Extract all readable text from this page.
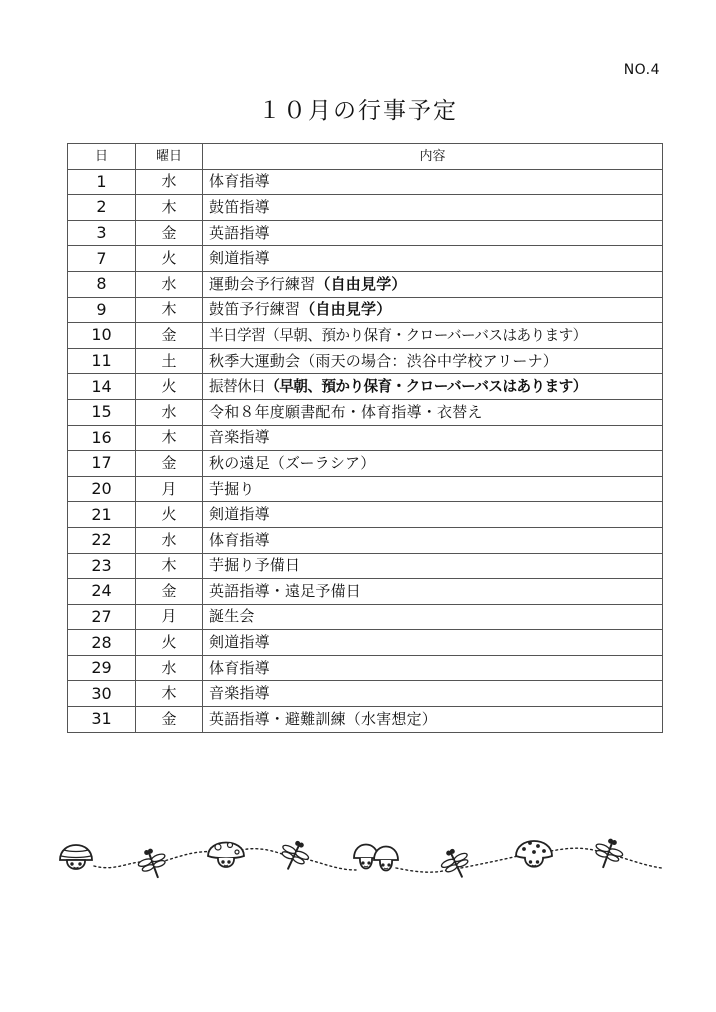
NO.4
１０月の行事予定
日	曜日	内容
1	水	体育指導
2	木	鼓笛指導
3	金	英語指導
7	火	剣道指導
8	水	運動会予行練習（自由見学）
9	木	鼓笛予行練習（自由見学）
10	金	半日学習（早朝、預かり保育・クローバーバスはあります）
11	土	秋季大運動会（雨天の場合：渋谷中学校アリーナ）
14	火	振替休日（早朝、預かり保育・クローバーバスはあります）
15	水	令和８年度願書配布・体育指導・衣替え
16	木	音楽指導
17	金	秋の遠足（ズーラシア）
20	月	芋掘り
21	火	剣道指導
22	水	体育指導
23	木	芋掘り予備日
24	金	英語指導・遠足予備日
27	月	誕生会
28	火	剣道指導
29	水	体育指導
30	木	音楽指導
31	金	英語指導・避難訓練（水害想定）
